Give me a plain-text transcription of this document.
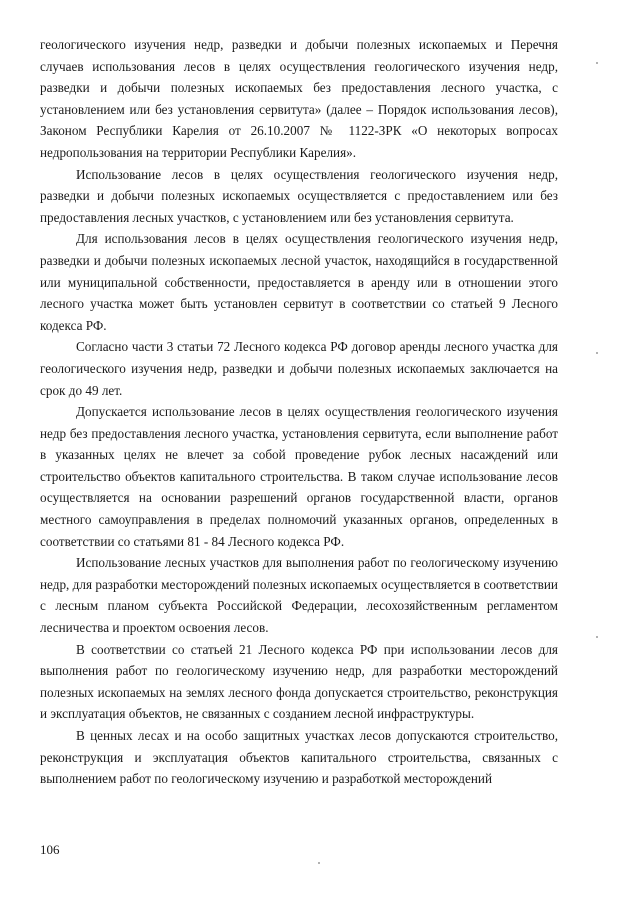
геологического изучения недр, разведки и добычи полезных ископаемых и Перечня случаев использования лесов в целях осуществления геологического изучения недр, разведки и добычи полезных ископаемых без предоставления лесного участка, с установлением или без установления сервитута» (далее – Порядок использования лесов), Законом Республики Карелия от 26.10.2007 № 1122-ЗРК «О некоторых вопросах недропользования на территории Республики Карелия».

Использование лесов в целях осуществления геологического изучения недр, разведки и добычи полезных ископаемых осуществляется с предоставлением или без предоставления лесных участков, с установлением или без установления сервитута.

Для использования лесов в целях осуществления геологического изучения недр, разведки и добычи полезных ископаемых лесной участок, находящийся в государственной или муниципальной собственности, предоставляется в аренду или в отношении этого лесного участка может быть установлен сервитут в соответствии со статьей 9 Лесного кодекса РФ.

Согласно части 3 статьи 72 Лесного кодекса РФ договор аренды лесного участка для геологического изучения недр, разведки и добычи полезных ископаемых заключается на срок до 49 лет.

Допускается использование лесов в целях осуществления геологического изучения недр без предоставления лесного участка, установления сервитута, если выполнение работ в указанных целях не влечет за собой проведение рубок лесных насаждений или строительство объектов капитального строительства. В таком случае использование лесов осуществляется на основании разрешений органов государственной власти, органов местного самоуправления в пределах полномочий указанных органов, определенных в соответствии со статьями 81 - 84 Лесного кодекса РФ.

Использование лесных участков для выполнения работ по геологическому изучению недр, для разработки месторождений полезных ископаемых осуществляется в соответствии с лесным планом субъекта Российской Федерации, лесохозяйственным регламентом лесничества и проектом освоения лесов.

В соответствии со статьей 21 Лесного кодекса РФ при использовании лесов для выполнения работ по геологическому изучению недр, для разработки месторождений полезных ископаемых на землях лесного фонда допускается строительство, реконструкция и эксплуатация объектов, не связанных с созданием лесной инфраструктуры.

В ценных лесах и на особо защитных участках лесов допускаются строительство, реконструкция и эксплуатация объектов капитального строительства, связанных с выполнением работ по геологическому изучению и разработкой месторождений

106
